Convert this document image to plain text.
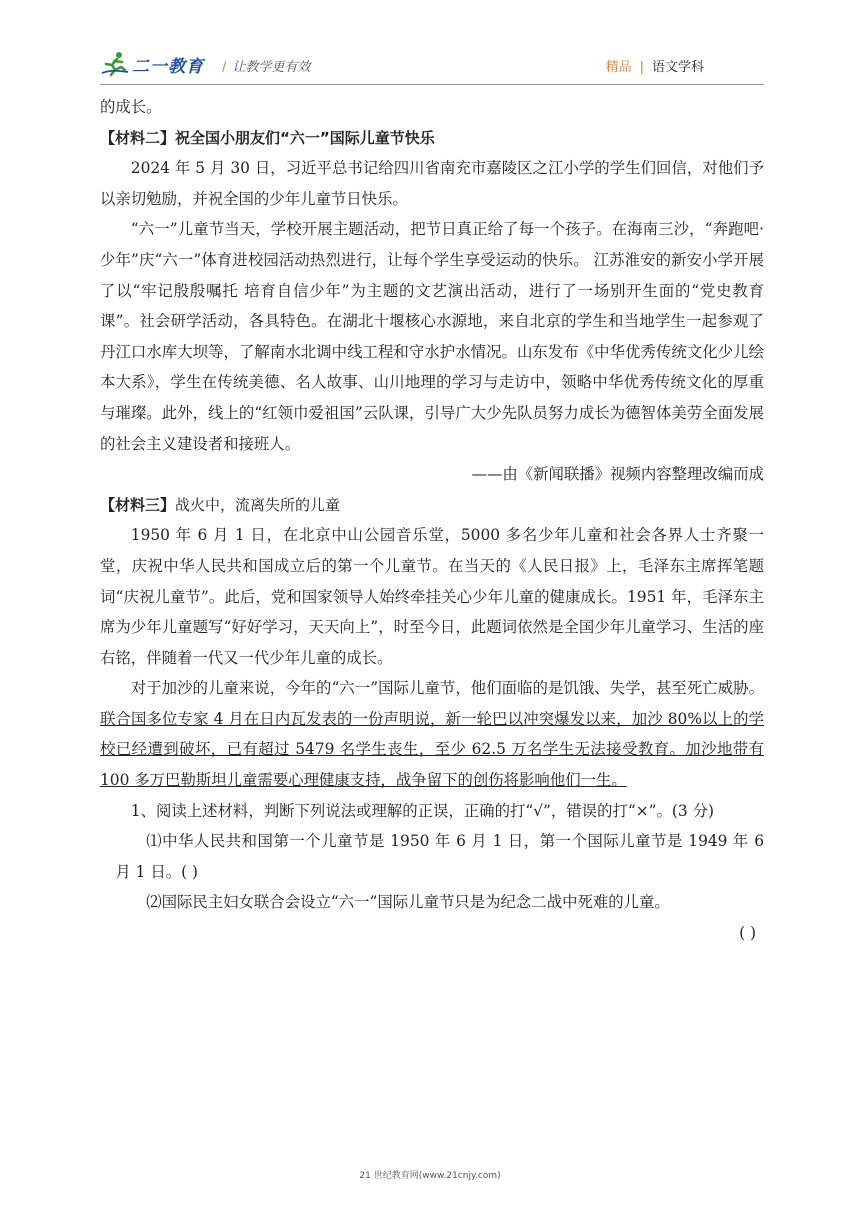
二一教育 / 让教学更有效	精品 | 语文学科

的成长。

【材料二】祝全国小朋友们“六一”国际儿童节快乐

2024 年 5 月 30 日，习近平总书记给四川省南充市嘉陵区之江小学的学生们回信，对他们予以亲切勉励，并祝全国的少年儿童节日快乐。

“六一”儿童节当天，学校开展主题活动，把节日真正给了每一个孩子。在海南三沙，“奔跑吧·少年”庆“六一”体育进校园活动热烈进行，让每个学生享受运动的快乐。 江苏淮安的新安小学开展了以“牢记殷殷嘱托 培育自信少年”为主题的文艺演出活动，进行了一场别开生面的“党史教育课”。社会研学活动，各具特色。在湖北十堰核心水源地，来自北京的学生和当地学生一起参观了丹江口水库大坝等，了解南水北调中线工程和守水护水情况。山东发布《中华优秀传统文化少儿绘本大系》，学生在传统美德、名人故事、山川地理的学习与走访中，领略中华优秀传统文化的厚重与璀璨。此外，线上的“红领巾爱祖国”云队课，引导广大少先队员努力成长为德智体美劳全面发展的社会主义建设者和接班人。

——由《新闻联播》视频内容整理改编而成

【材料三】战火中，流离失所的儿童

1950 年 6 月 1 日，在北京中山公园音乐堂，5000 多名少年儿童和社会各界人士齐聚一堂，庆祝中华人民共和国成立后的第一个儿童节。在当天的《人民日报》上，毛泽东主席挥笔题词“庆祝儿童节”。此后，党和国家领导人始终牵挂关心少年儿童的健康成长。1951 年，毛泽东主席为少年儿童题写“好好学习，天天向上”，时至今日，此题词依然是全国少年儿童学习、生活的座右铭，伴随着一代又一代少年儿童的成长。

对于加沙的儿童来说，今年的“六一”国际儿童节，他们面临的是饥饿、失学，甚至死亡威胁。联合国多位专家 4 月在日内瓦发表的一份声明说，新一轮巴以冲突爆发以来，加沙 80%以上的学校已经遭到破坏，已有超过 5479 名学生丧生，至少 62.5 万名学生无法接受教育。加沙地带有 100 多万巴勒斯坦儿童需要心理健康支持，战争留下的创伤将影响他们一生。

1、阅读上述材料，判断下列说法或理解的正误，正确的打“√”，错误的打“×”。(3 分)

⑴中华人民共和国第一个儿童节是 1950 年 6 月 1 日，第一个国际儿童节是 1949 年 6 月 1 日。( )

⑵国际民主妇女联合会设立“六一”国际儿童节只是为纪念二战中死难的儿童。

( )

21 世纪教育网(www.21cnjy.com)
